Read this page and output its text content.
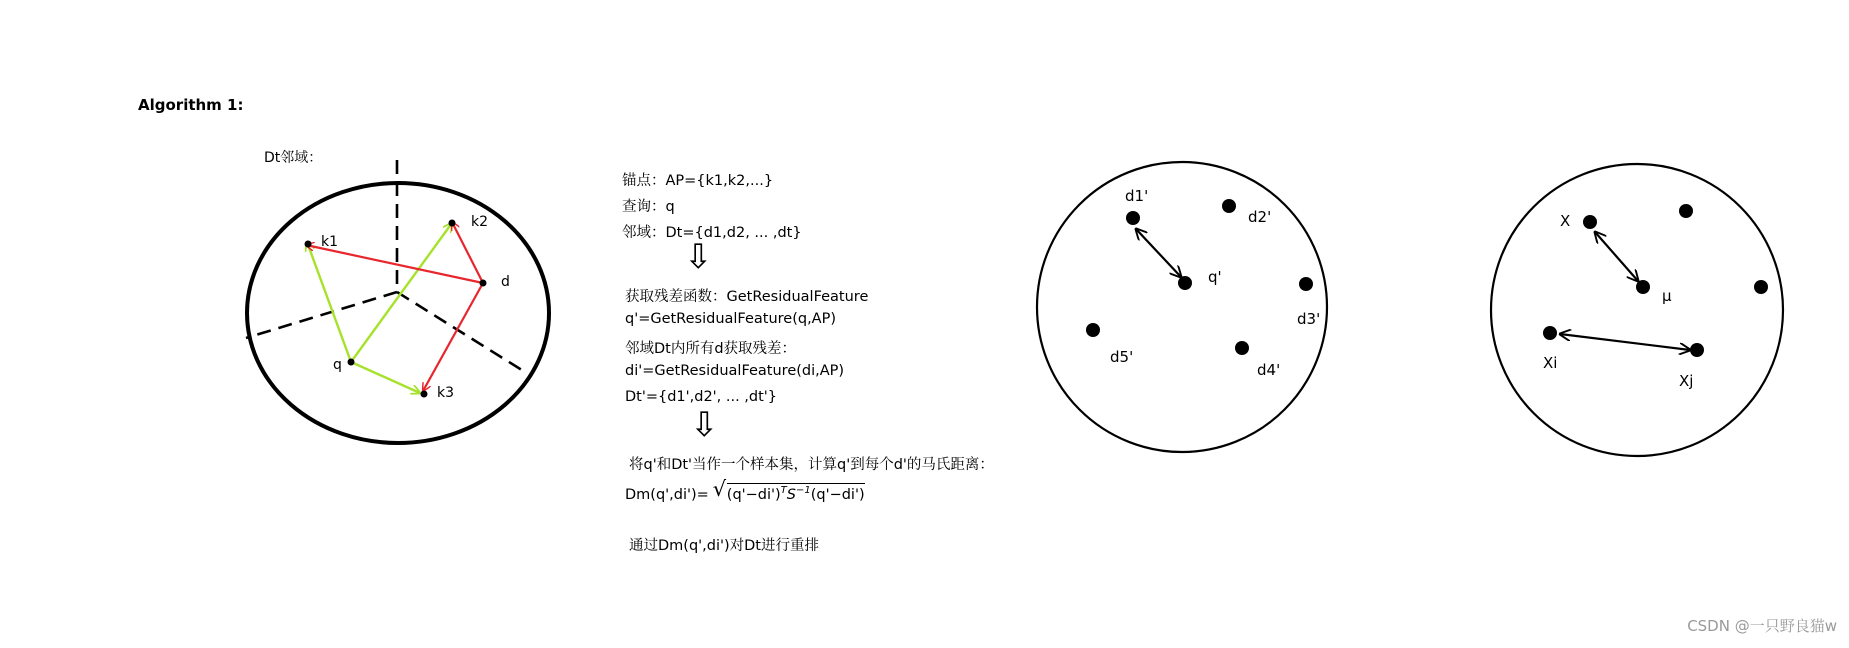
Algorithm 1:
Dt邻域：
k1
k2
k3
d
q
锚点：AP={k1,k2,...}
查询：q
邻域：Dt={d1,d2, ... ,dt}
⇩
获取残差函数：GetResidualFeature
q'=GetResidualFeature(q,AP)
邻域Dt内所有d获取残差：
di'=GetResidualFeature(di,AP)
Dt'={d1',d2', ... ,dt'}
⇩
将q'和Dt'当作一个样本集，计算q'到每个d'的马氏距离：
Dm(q',di')= √ $(q'-di')^TS^{-1}(q'-di')$
通过Dm(q',di')对Dt进行重排
d1'
d2'
q'
d3'
d5'
d4'
X
μ
Xi
Xj
CSDN @一只野良猫w
